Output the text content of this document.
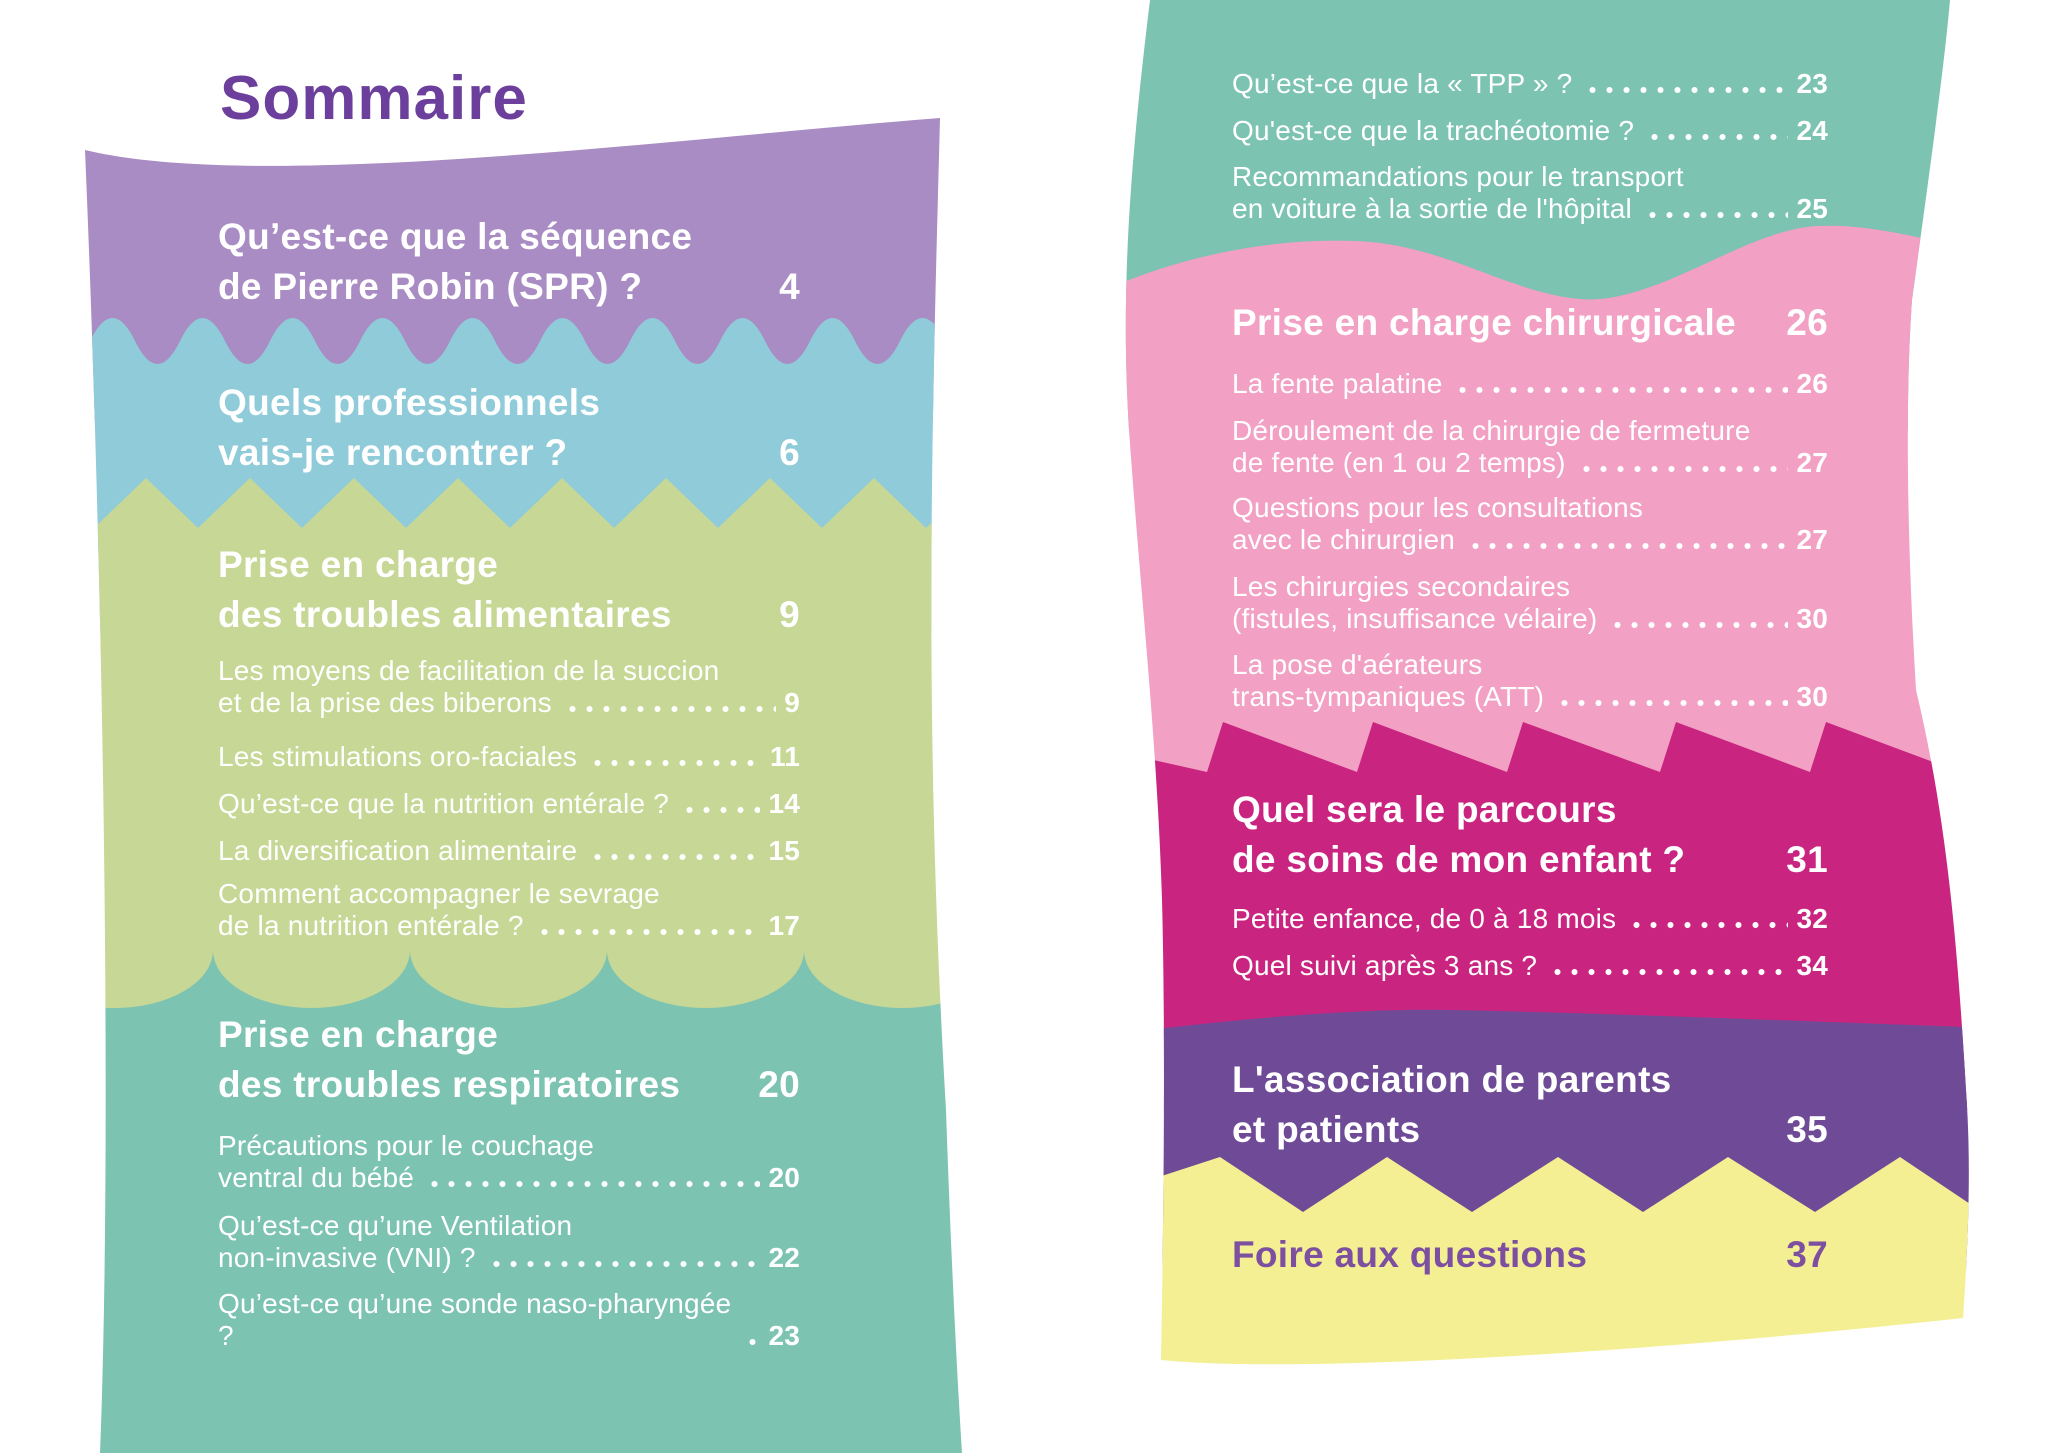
Sommaire
Qu’est-ce que la séquence
de Pierre Robin (SPR) ?	4
Quels professionnels
vais-je rencontrer ?	6
Prise en charge
des troubles alimentaires	9
Les moyens de facilitation de la succion
et de la prise des biberons	9
Les stimulations oro-faciales	11
Qu’est-ce que la nutrition entérale ?	14
La diversification alimentaire	15
Comment accompagner le sevrage
de la nutrition entérale ?	17
Prise en charge
des troubles respiratoires 20
Précautions pour le couchage
ventral du bébé	20
Qu’est-ce qu’une Ventilation
non-invasive (VNI) ?	22
Qu’est-ce qu’une sonde naso-pharyngée ?	23
Qu’est-ce que la « TPP » ?	23
Qu'est-ce que la trachéotomie ?	24
Recommandations pour le transport
en voiture à la sortie de l'hôpital	25
Prise en charge chirurgicale 26
La fente palatine	26
Déroulement de la chirurgie de fermeture
de fente (en 1 ou 2 temps)	27
Questions pour les consultations
avec le chirurgien	27
Les chirurgies secondaires
(fistules, insuffisance vélaire)	30
La pose d'aérateurs
trans-tympaniques (ATT)	30
Quel sera le parcours
de soins de mon enfant ?	31
Petite enfance, de 0 à 18 mois	32
Quel suivi après 3 ans ?	34
L'association de parents
et patients	35
Foire aux questions	37
